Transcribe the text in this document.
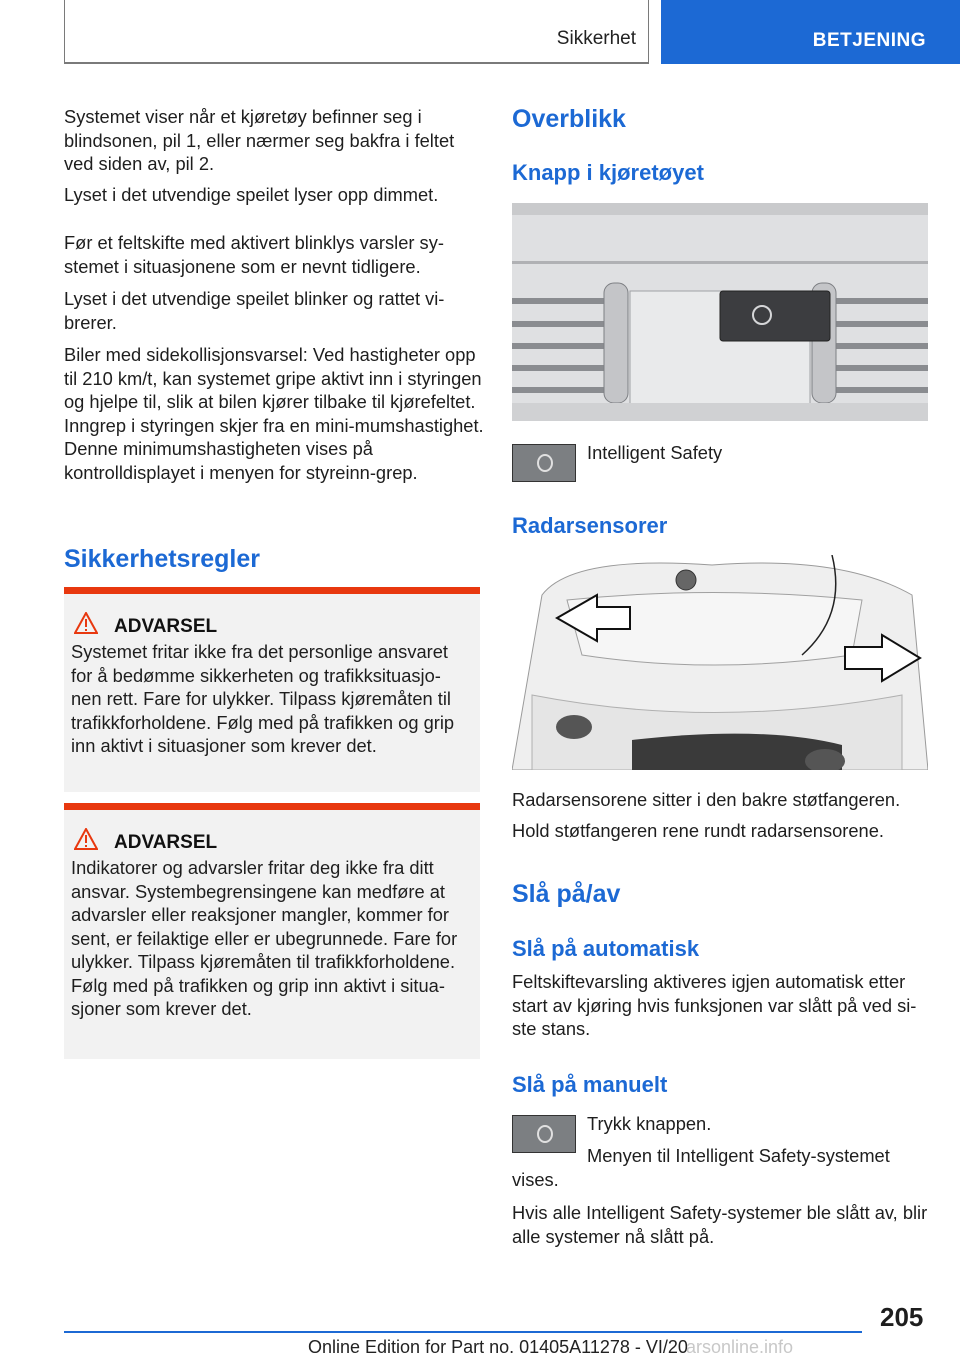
Sikkerhet	BETJENING

Systemet viser når et kjøretøy befinner seg i blindsonen, pil 1, eller nærmer seg bakfra i feltet ved siden av, pil 2.

Lyset i det utvendige speilet lyser opp dimmet.

Før et feltskifte med aktivert blinklys varsler sy‐stemet i situasjonene som er nevnt tidligere.

Lyset i det utvendige speilet blinker og rattet vi‐brerer.

Biler med sidekollisjonsvarsel: Ved hastigheter opp til 210 km/t, kan systemet gripe aktivt inn i styringen og hjelpe til, slik at bilen kjører tilbake til kjørefeltet. Inngrep i styringen skjer fra en mini‐mumshastighet. Denne minimumshastigheten vises på kontrolldisplayet i menyen for styreinn‐grep.

Sikkerhetsregler
ADVARSEL
Systemet fritar ikke fra det personlige ansvaret for å bedømme sikkerheten og trafikksituasjo‐nen rett. Fare for ulykker. Tilpass kjøremåten til trafikkforholdene. Følg med på trafikken og grip inn aktivt i situasjoner som krever det.
ADVARSEL
Indikatorer og advarsler fritar deg ikke fra ditt ansvar. Systembegrensingene kan medføre at advarsler eller reaksjoner mangler, kommer for sent, er feilaktige eller er ubegrunnede. Fare for ulykker. Tilpass kjøremåten til trafikkforholdene. Følg med på trafikken og grip inn aktivt i situa‐sjoner som krever det.
Overblikk
Knapp i kjøretøyet
Intelligent Safety
Radarsensorer

Radarsensorene sitter i den bakre støtfangeren.

Hold støtfangeren rene rundt radarsensorene.

Slå på/av
Slå på automatisk

Feltskiftevarsling aktiveres igjen automatisk etter start av kjøring hvis funksjonen var slått på ved si‐ste stans.

Slå på manuelt
Trykk knappen.
Menyen til Intelligent Safety-systemet
vises.

Hvis alle Intelligent Safety-systemer ble slått av, blir alle systemer nå slått på.

205
Online Edition for Part no. 01405A11278 - VI/20
arsonline.info
